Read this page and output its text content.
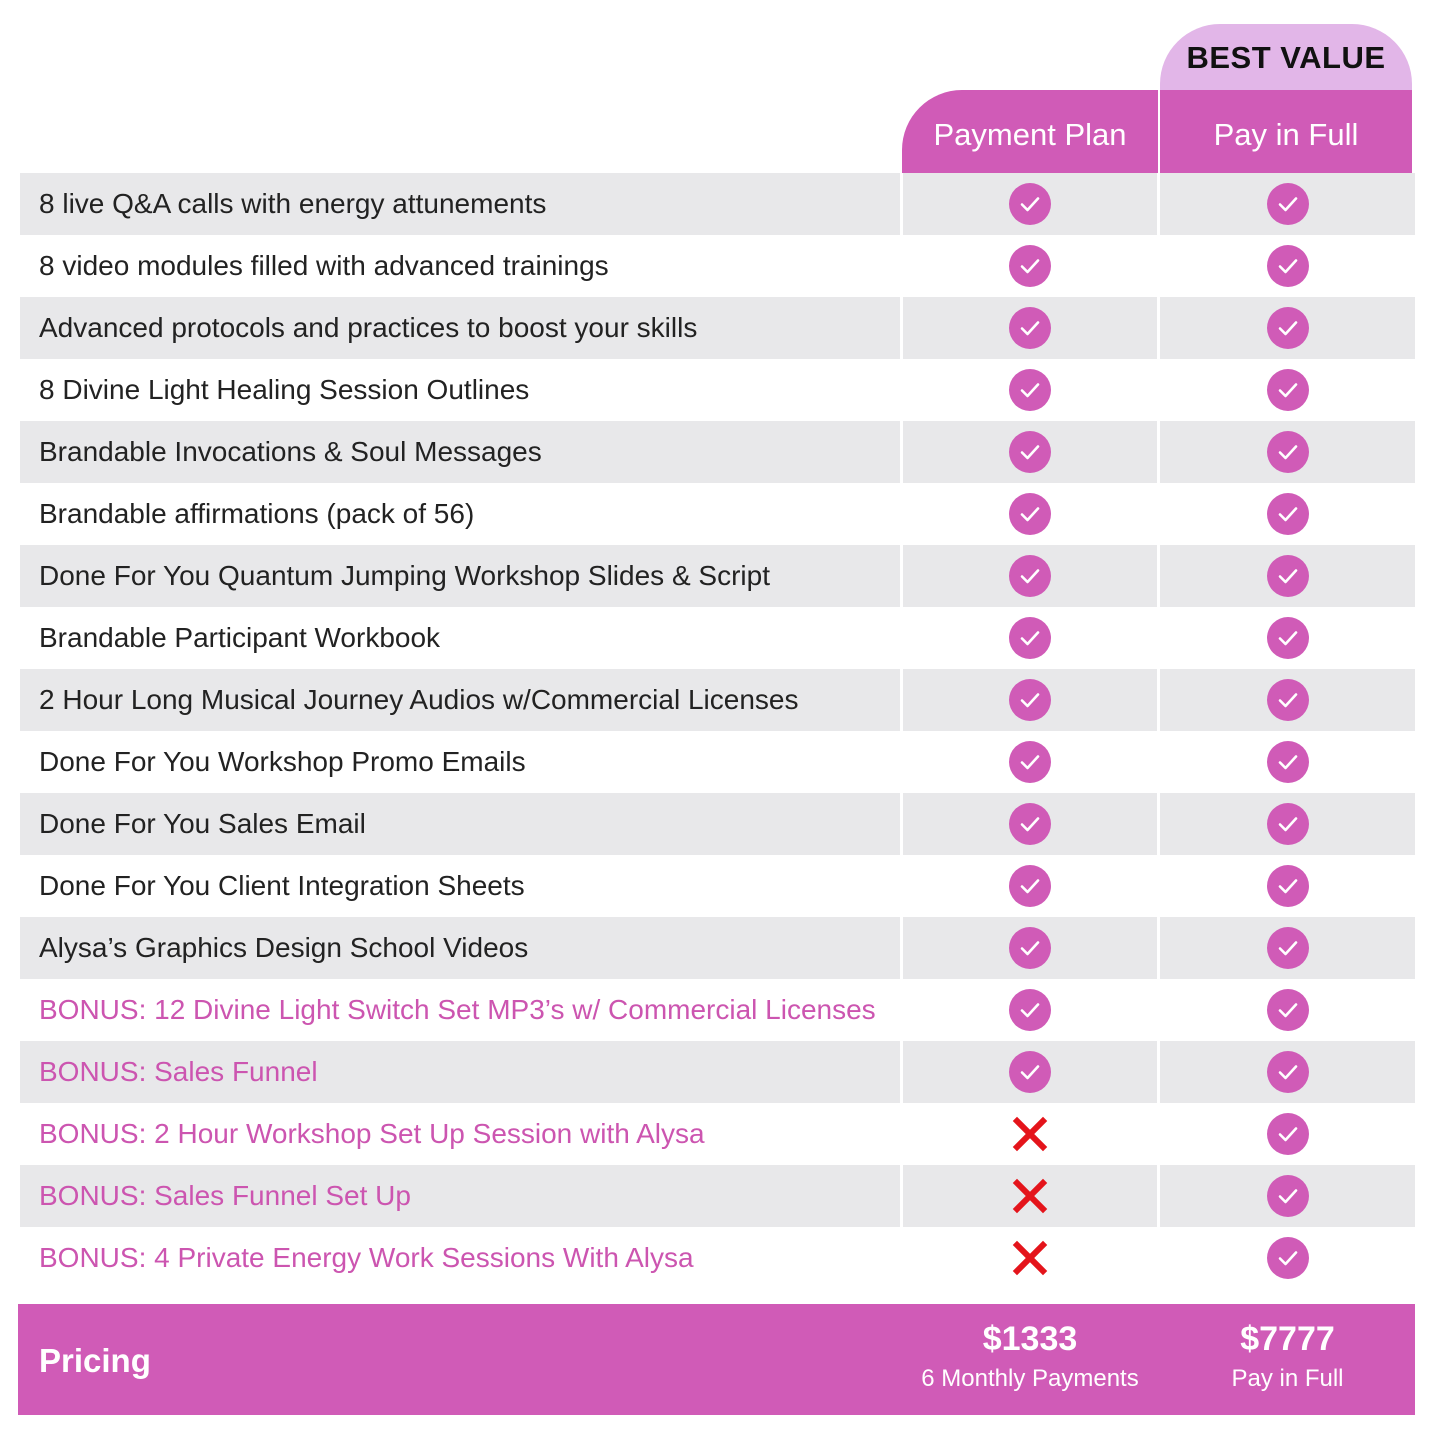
BEST VALUE
Payment Plan	Pay in Full
8 live Q&A calls with energy attunements
8 video modules filled with advanced trainings
Advanced protocols and practices to boost your skills
8 Divine Light Healing Session Outlines
Brandable Invocations & Soul Messages
Brandable affirmations (pack of 56)
Done For You Quantum Jumping Workshop Slides & Script
Brandable Participant Workbook
2 Hour Long Musical Journey Audios w/Commercial Licenses
Done For You Workshop Promo Emails
Done For You Sales Email
Done For You Client Integration Sheets
Alysa’s Graphics Design School Videos
BONUS: 12 Divine Light Switch Set MP3’s w/ Commercial Licenses
BONUS: Sales Funnel
BONUS: 2 Hour Workshop Set Up Session with Alysa
BONUS: Sales Funnel Set Up
BONUS: 4 Private Energy Work Sessions With Alysa
Pricing
$1333
6 Monthly Payments
$7777
Pay in Full
